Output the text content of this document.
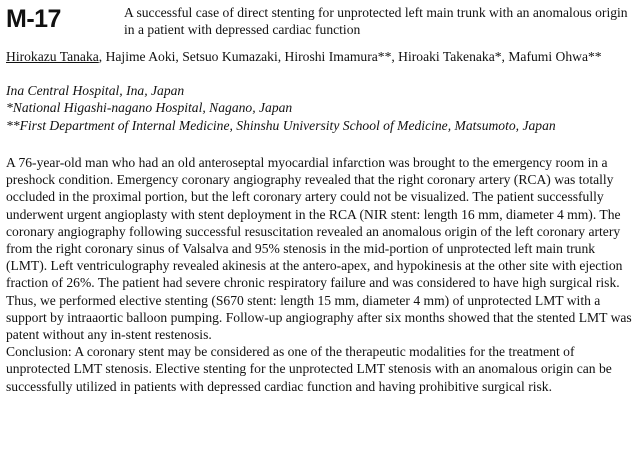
M-17	A successful case of direct stenting for unprotected left main trunk with an anomalous origin in a patient with depressed cardiac function
Hirokazu Tanaka, Hajime Aoki, Setsuo Kumazaki, Hiroshi Imamura**, Hiroaki Takenaka*, Mafumi Ohwa**
Ina Central Hospital, Ina, Japan
*National Higashi-nagano Hospital, Nagano, Japan
**First Department of Internal Medicine, Shinshu University School of Medicine, Matsumoto, Japan

A 76-year-old man who had an old anteroseptal myocardial infarction was brought to the emergency room in a preshock condition. Emergency coronary angiography revealed that the right coronary artery (RCA) was totally occluded in the proximal portion, but the left coronary artery could not be visualized. The patient successfully underwent urgent angioplasty with stent deployment in the RCA (NIR stent: length 16 mm, diameter 4 mm). The coronary angiography following successful resuscitation revealed an anomalous origin of the left coronary artery from the right coronary sinus of Valsalva and 95% stenosis in the mid-portion of unprotected left main trunk (LMT). Left ventriculography revealed akinesis at the antero-apex, and hypokinesis at the other site with ejection fraction of 26%. The patient had severe chronic respiratory failure and was considered to have high surgical risk. Thus, we performed elective stenting (S670 stent: length 15 mm, diameter 4 mm) of unprotected LMT with a support by intraaortic balloon pumping. Follow-up angiography after six months showed that the stented LMT was patent without any in-stent restenosis.

Conclusion: A coronary stent may be considered as one of the therapeutic modalities for the treatment of unprotected LMT stenosis. Elective stenting for the unprotected LMT stenosis with an anomalous origin can be successfully utilized in patients with depressed cardiac function and having prohibitive surgical risk.
